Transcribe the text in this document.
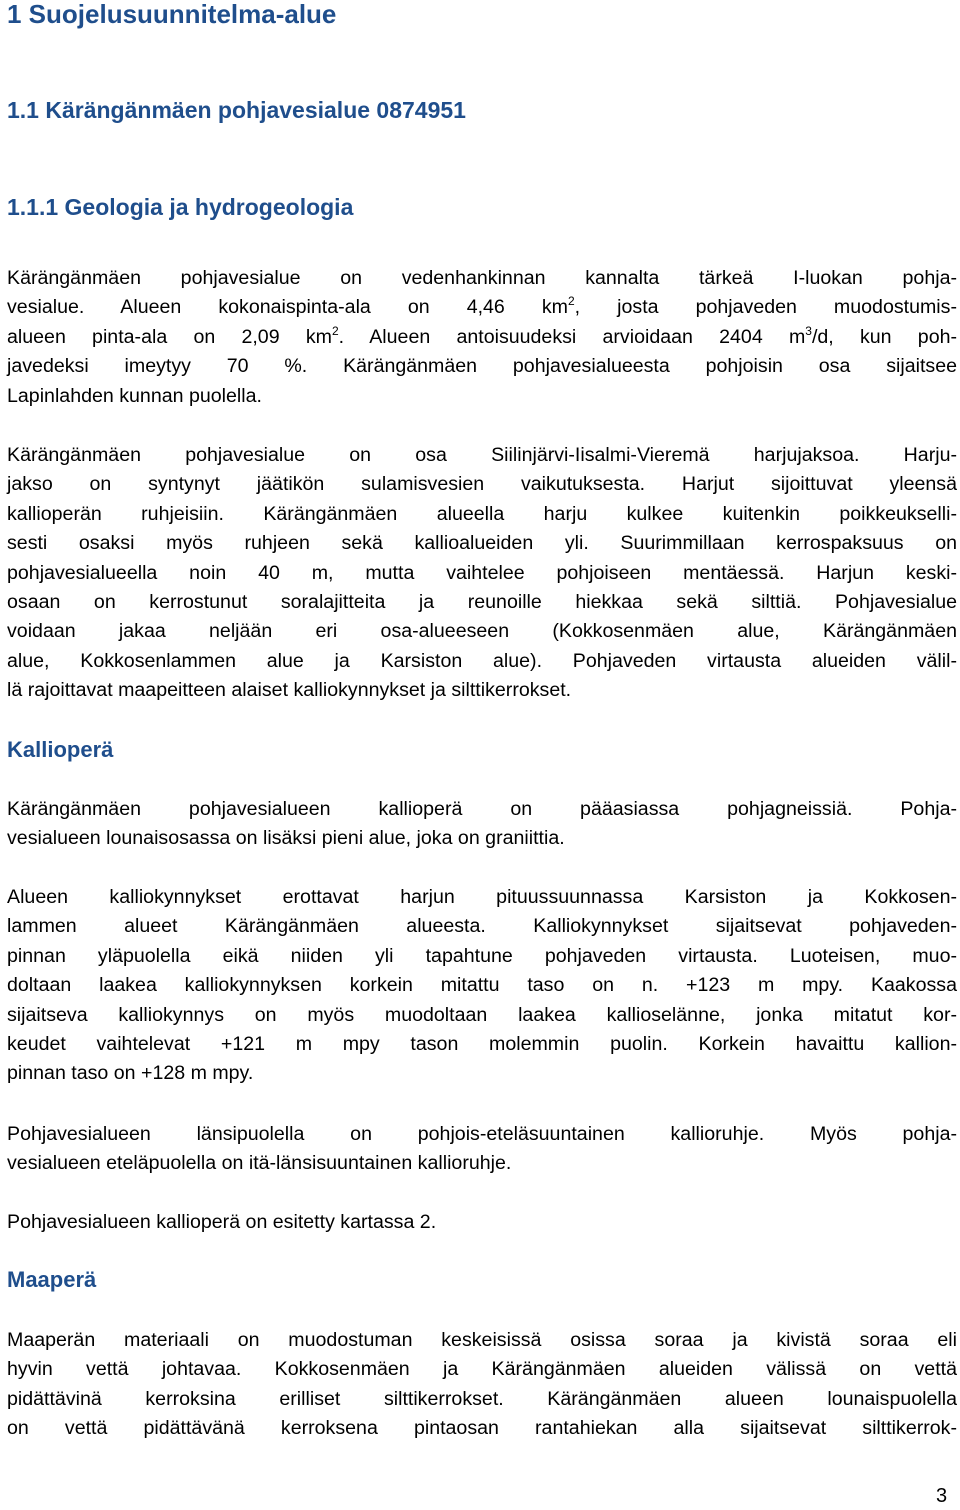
1 Suojelusuunnitelma-alue
1.1 Kärängänmäen pohjavesialue 0874951
1.1.1 Geologia ja hydrogeologia
Kärängänmäen pohjavesialue on vedenhankinnan kannalta tärkeä I-luokan pohja-
vesialue. Alueen kokonaispinta-ala on 4,46 $km^2$, josta pohjaveden muodostumis-
alueen pinta-ala on 2,09 $km^2$. Alueen antoisuudeksi arvioidaan 2404 $m^3/d$, kun poh-
javedeksi imeytyy 70 %. Kärängänmäen pohjavesialueesta pohjoisin osa sijaitsee
Lapinlahden kunnan puolella.
Kärängänmäen pohjavesialue on osa Siilinjärvi-Iisalmi-Vieremä harjujaksoa. Harju-
jakso on syntynyt jäätikön sulamisvesien vaikutuksesta. Harjut sijoittuvat yleensä
kallioperän ruhjeisiin. Kärängänmäen alueella harju kulkee kuitenkin poikkeukselli-
sesti osaksi myös ruhjeen sekä kallioalueiden yli. Suurimmillaan kerrospaksuus on
pohjavesialueella noin 40 m, mutta vaihtelee pohjoiseen mentäessä. Harjun keski-
osaan on kerrostunut soralajitteita ja reunoille hiekkaa sekä silttiä. Pohjavesialue
voidaan jakaa neljään eri osa-alueeseen (Kokkosenmäen alue, Kärängänmäen
alue, Kokkosenlammen alue ja Karsiston alue). Pohjaveden virtausta alueiden välil-
lä rajoittavat maapeitteen alaiset kalliokynnykset ja silttikerrokset.
Kallioperä
Kärängänmäen pohjavesialueen kallioperä on pääasiassa pohjagneissiä. Pohja-
vesialueen lounaisosassa on lisäksi pieni alue, joka on graniittia.
Alueen kalliokynnykset erottavat harjun pituussuunnassa Karsiston ja Kokkosen-
lammen alueet Kärängänmäen alueesta. Kalliokynnykset sijaitsevat pohjaveden-
pinnan yläpuolella eikä niiden yli tapahtune pohjaveden virtausta. Luoteisen, muo-
doltaan laakea kalliokynnyksen korkein mitattu taso on n. +123 m mpy. Kaakossa
sijaitseva kalliokynnys on myös muodoltaan laakea kallioselänne, jonka mitatut kor-
keudet vaihtelevat +121 m mpy tason molemmin puolin. Korkein havaittu kallion-
pinnan taso on +128 m mpy.
Pohjavesialueen länsipuolella on pohjois-eteläsuuntainen kallioruhje. Myös pohja-
vesialueen eteläpuolella on itä-länsisuuntainen kallioruhje.
Pohjavesialueen kallioperä on esitetty kartassa 2.
Maaperä
Maaperän materiaali on muodostuman keskeisissä osissa soraa ja kivistä soraa eli
hyvin vettä johtavaa. Kokkosenmäen ja Kärängänmäen alueiden välissä on vettä
pidättävinä kerroksina erilliset silttikerrokset. Kärängänmäen alueen lounaispuolella
on vettä pidättävänä kerroksena pintaosan rantahiekan alla sijaitsevat silttikerrok-
3
